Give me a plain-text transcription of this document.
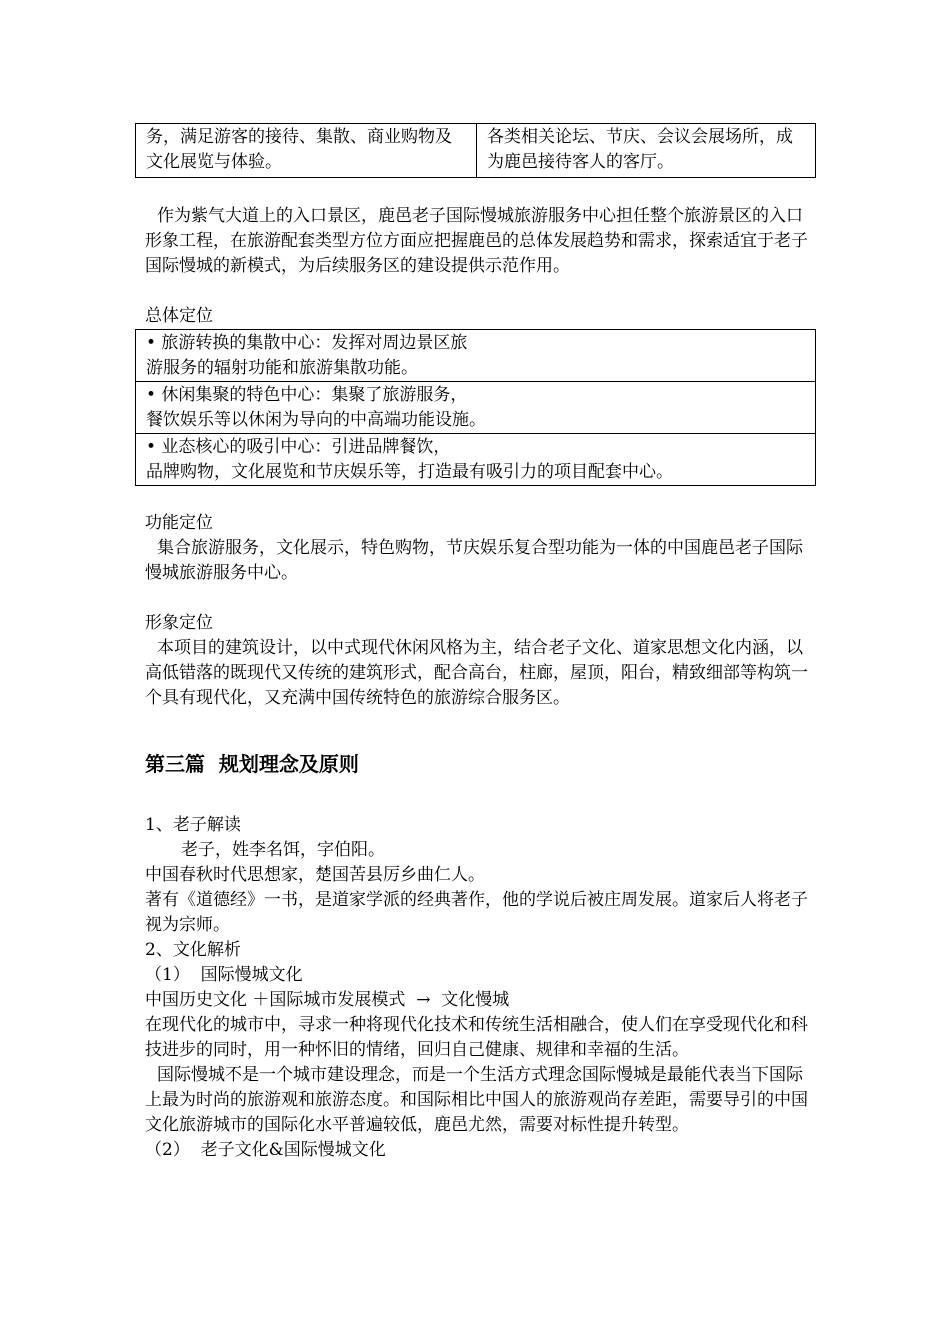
务，满足游客的接待、集散、商业购物及文化展览与体验。	各类相关论坛、节庆、会议会展场所，成为鹿邑接待客人的客厅。

作为紫气大道上的入口景区，鹿邑老子国际慢城旅游服务中心担任整个旅游景区的入口形象工程，在旅游配套类型方位方面应把握鹿邑的总体发展趋势和需求，探索适宜于老子国际慢城的新模式，为后续服务区的建设提供示范作用。

总体定位

• 旅游转换的集散中心：发挥对周边景区旅
游服务的辐射功能和旅游集散功能。

• 休闲集聚的特色中心：集聚了旅游服务，
餐饮娱乐等以休闲为导向的中高端功能设施。

• 业态核心的吸引中心：引进品牌餐饮，
品牌购物，文化展览和节庆娱乐等，打造最有吸引力的项目配套中心。

功能定位

集合旅游服务，文化展示，特色购物，节庆娱乐复合型功能为一体的中国鹿邑老子国际慢城旅游服务中心。

形象定位

本项目的建筑设计，以中式现代休闲风格为主，结合老子文化、道家思想文化内涵，以高低错落的既现代又传统的建筑形式，配合高台，柱廊，屋顶，阳台，精致细部等构筑一个具有现代化，又充满中国传统特色的旅游综合服务区。

第三篇  规划理念及原则

1、老子解读

老子，姓李名饵，字伯阳。

中国春秋时代思想家，楚国苦县厉乡曲仁人。

著有《道德经》一书，是道家学派的经典著作，他的学说后被庄周发展。道家后人将老子视为宗师。

2、文化解析

（1）  国际慢城文化

中国历史文化 ＋国际城市发展模式  →  文化慢城

在现代化的城市中，寻求一种将现代化技术和传统生活相融合，使人们在享受现代化和科技进步的同时，用一种怀旧的情绪，回归自己健康、规律和幸福的生活。

国际慢城不是一个城市建设理念，而是一个生活方式理念国际慢城是最能代表当下国际上最为时尚的旅游观和旅游态度。和国际相比中国人的旅游观尚存差距，需要导引的中国文化旅游城市的国际化水平普遍较低，鹿邑尤然，需要对标性提升转型。

（2）  老子文化&国际慢城文化
